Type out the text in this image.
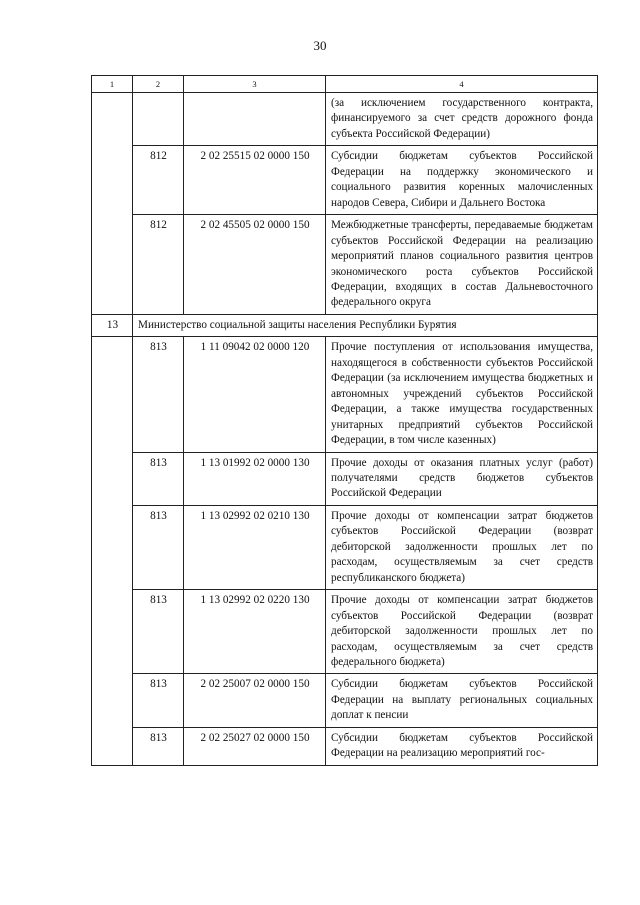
30
1	2	3	4
			(за исключением государственного контракта, финансируемого за счет средств дорожного фонда субъекта Российской Федерации)
	812	2 02 25515 02 0000 150	Субсидии бюджетам субъектов Российской Федерации на поддержку экономического и социального развития коренных малочисленных народов Севера, Сибири и Дальнего Востока
	812	2 02 45505 02 0000 150	Межбюджетные трансферты, передаваемые бюджетам субъектов Российской Федерации на реализацию мероприятий планов социального развития центров экономического роста субъектов Российской Федерации, входящих в состав Дальневосточного федерального округа
13	Министерство социальной защиты населения Республики Бурятия		
	813	1 11 09042 02 0000 120	Прочие поступления от использования имущества, находящегося в собственности субъектов Российской Федерации (за исключением имущества бюджетных и автономных учреждений субъектов Российской Федерации, а также имущества государственных унитарных предприятий субъектов Российской Федерации, в том числе казенных)
	813	1 13 01992 02 0000 130	Прочие доходы от оказания платных услуг (работ) получателями средств бюджетов субъектов Российской Федерации
	813	1 13 02992 02 0210 130	Прочие доходы от компенсации затрат бюджетов субъектов Российской Федерации (возврат дебиторской задолженности прошлых лет по расходам, осуществляемым за счет средств республиканского бюджета)
	813	1 13 02992 02 0220 130	Прочие доходы от компенсации затрат бюджетов субъектов Российской Федерации (возврат дебиторской задолженности прошлых лет по расходам, осуществляемым за счет средств федерального бюджета)
	813	2 02 25007 02 0000 150	Субсидии бюджетам субъектов Российской Федерации на выплату региональных социальных доплат к пенсии
	813	2 02 25027 02 0000 150	Субсидии бюджетам субъектов Российской Федерации на реализацию мероприятий гос-
